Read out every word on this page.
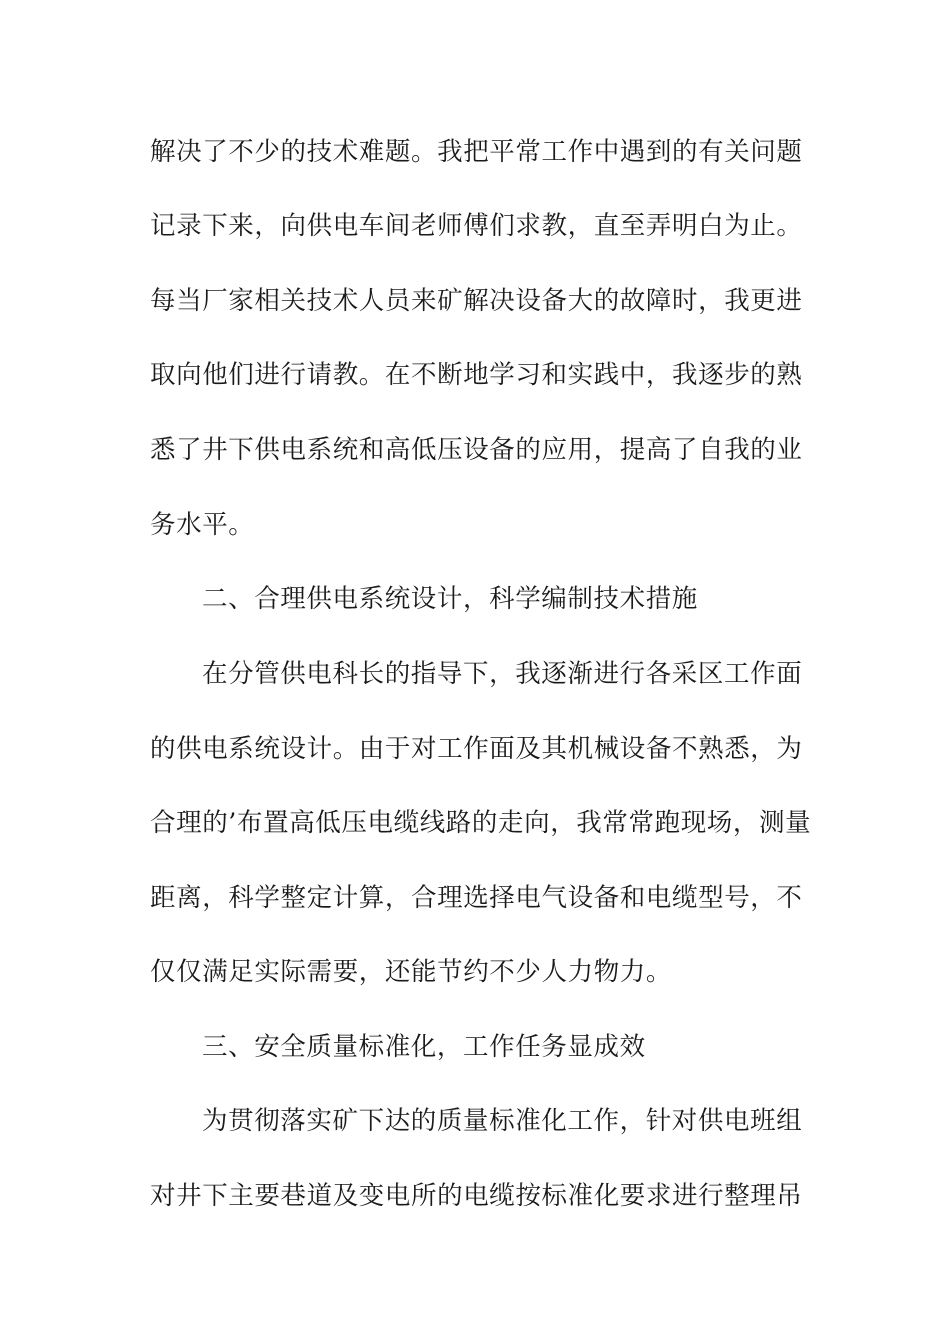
解决了不少的技术难题。我把平常工作中遇到的有关问题
记录下来，向供电车间老师傅们求教，直至弄明白为止。
每当厂家相关技术人员来矿解决设备大的故障时，我更进
取向他们进行请教。在不断地学习和实践中，我逐步的熟
悉了井下供电系统和高低压设备的应用，提高了自我的业
务水平。
二、合理供电系统设计，科学编制技术措施
在分管供电科长的指导下，我逐渐进行各采区工作面
的供电系统设计。由于对工作面及其机械设备不熟悉，为
合理的’布置高低压电缆线路的走向，我常常跑现场，测量
距离，科学整定计算，合理选择电气设备和电缆型号，不
仅仅满足实际需要，还能节约不少人力物力。
三、安全质量标准化，工作任务显成效
为贯彻落实矿下达的质量标准化工作，针对供电班组
对井下主要巷道及变电所的电缆按标准化要求进行整理吊
